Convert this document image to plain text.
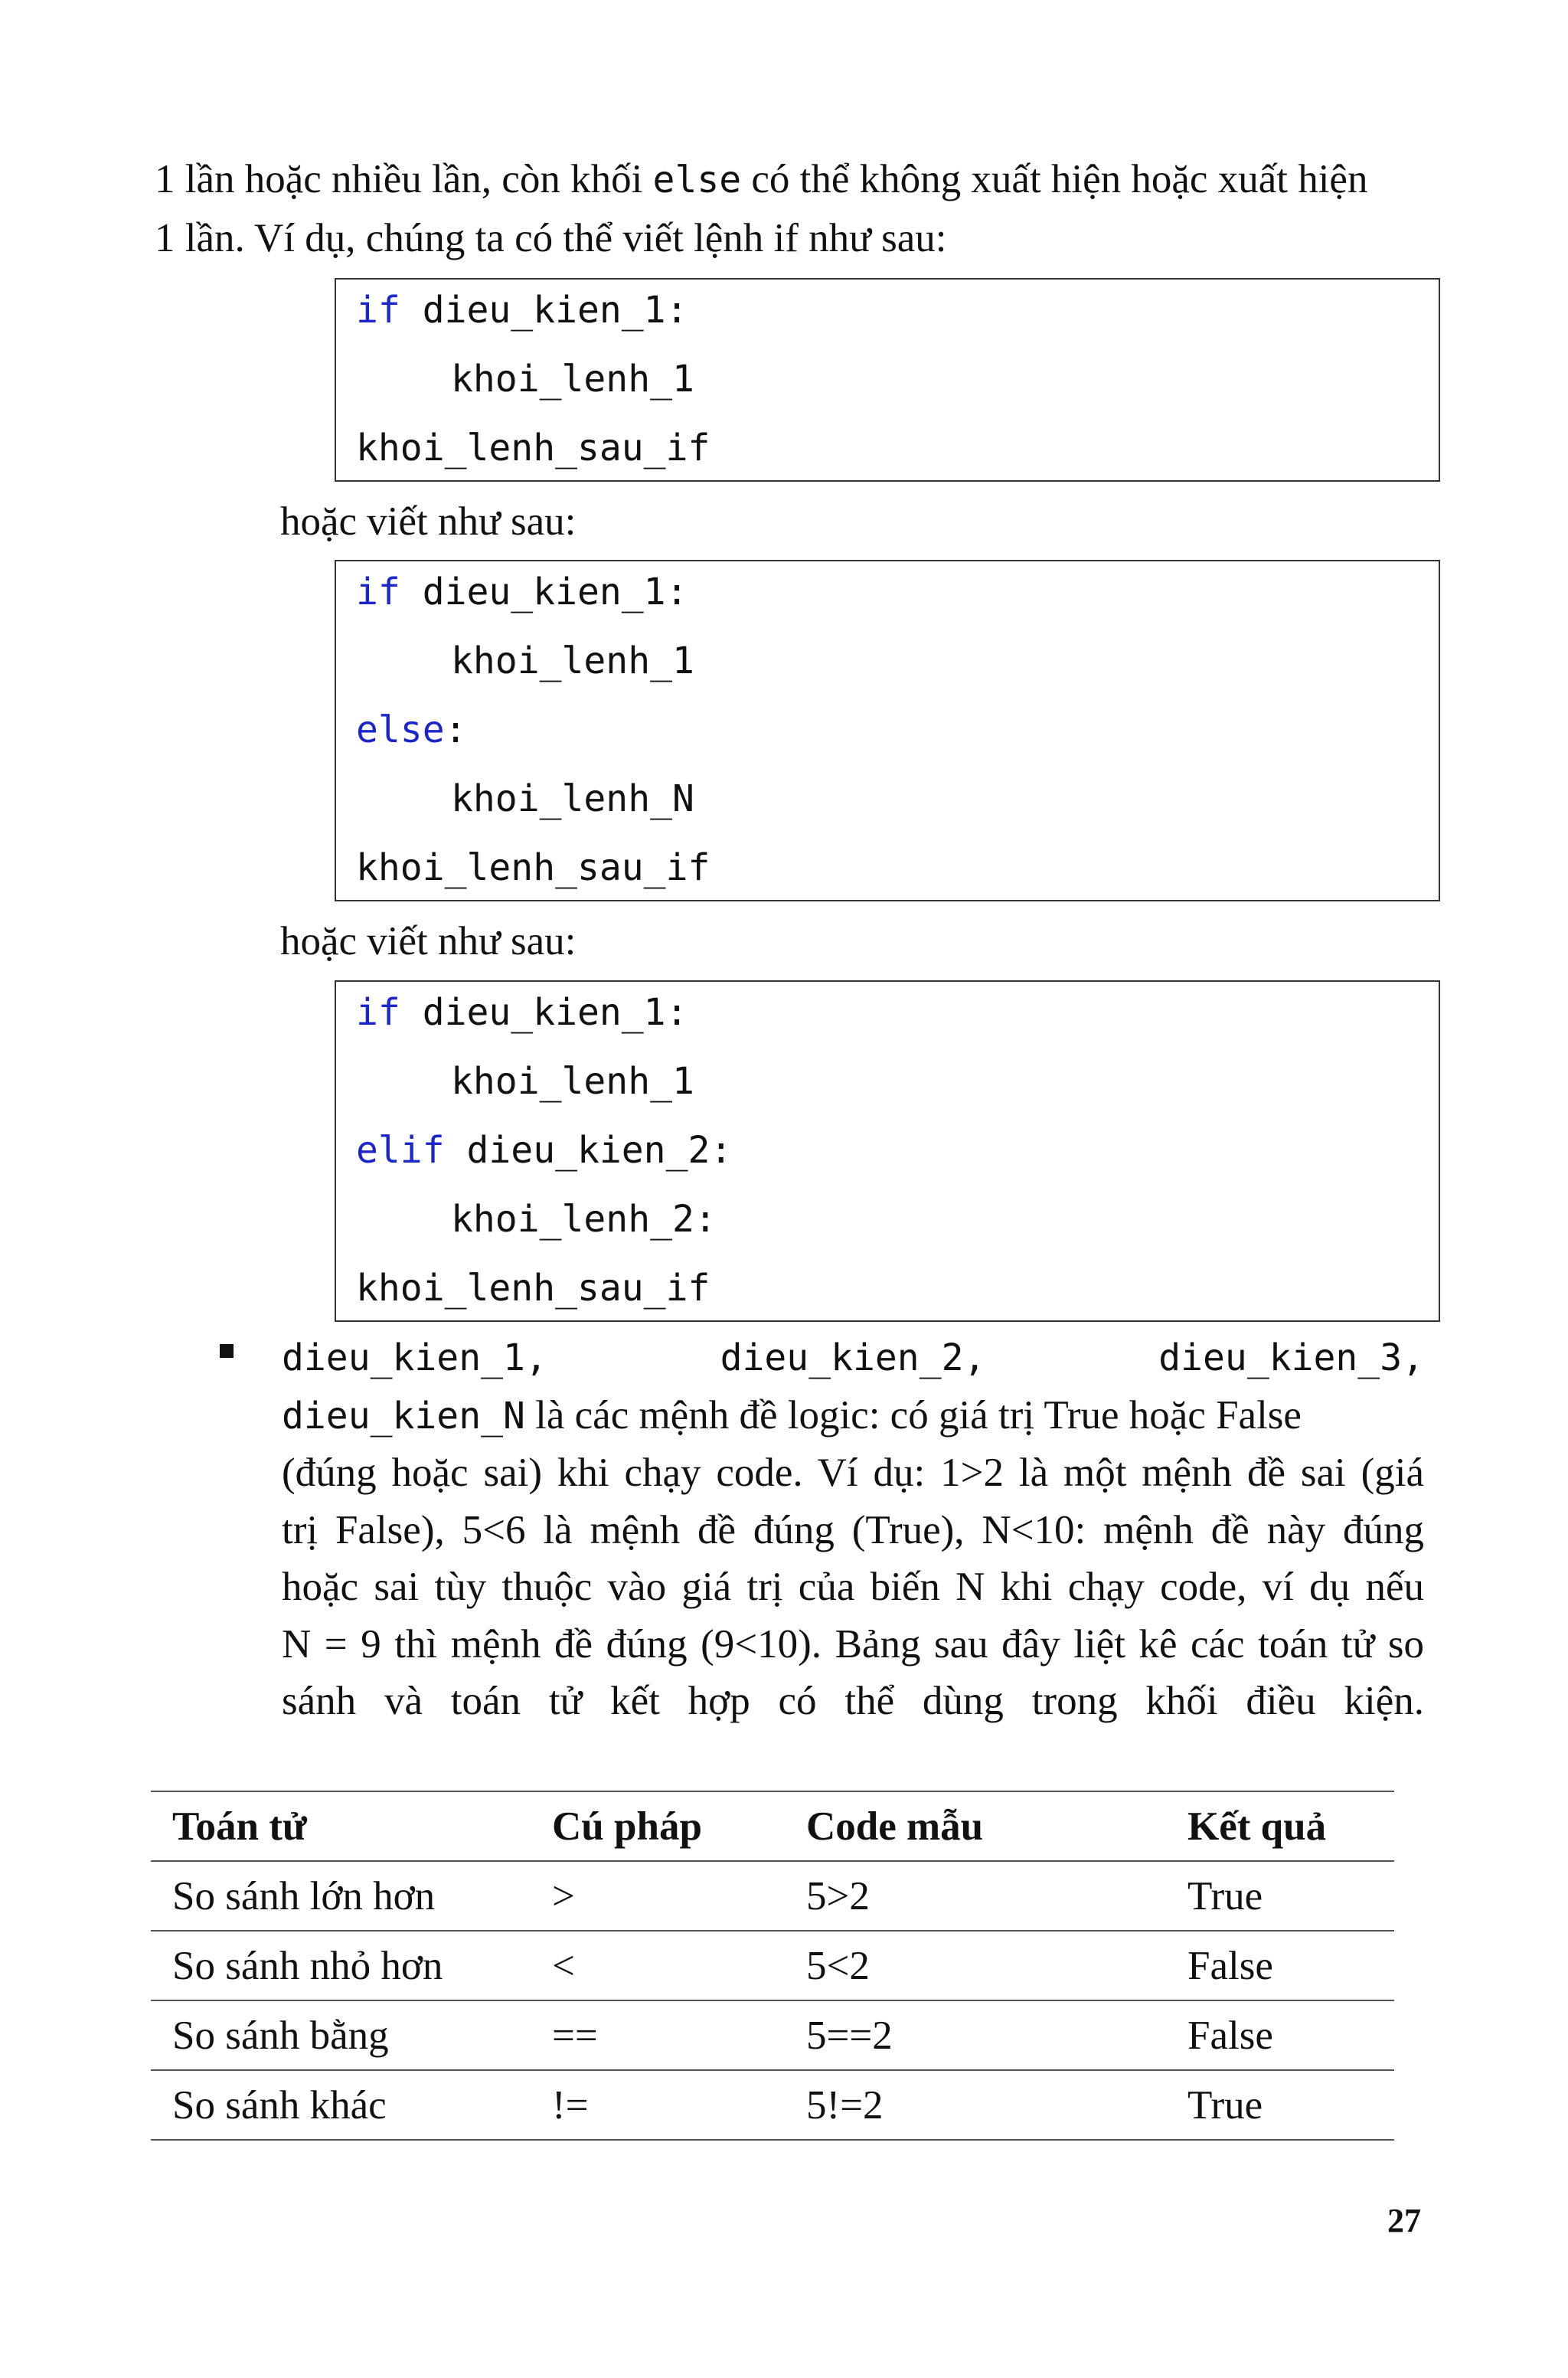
1 lần hoặc nhiều lần, còn khối else có thể không xuất hiện hoặc xuất hiện
1 lần. Ví dụ, chúng ta có thể viết lệnh if như sau:

if dieu_kien_1:
khoi_lenh_1
khoi_lenh_sau_if

hoặc viết như sau:

if dieu_kien_1:
khoi_lenh_1
else:
khoi_lenh_N
khoi_lenh_sau_if

hoặc viết như sau:

if dieu_kien_1:
khoi_lenh_1
elif dieu_kien_2:
khoi_lenh_2:
khoi_lenh_sau_if

dieu_kien_1,	dieu_kien_2,	dieu_kien_3,
dieu_kien_N là các mệnh đề logic: có giá trị True hoặc False
(đúng hoặc sai) khi chạy code. Ví dụ: 1>2 là một mệnh đề sai (giá
trị False), 5<6 là mệnh đề đúng (True), N<10: mệnh đề này đúng
hoặc sai tùy thuộc vào giá trị của biến N khi chạy code, ví dụ nếu
N = 9 thì mệnh đề đúng (9<10). Bảng sau đây liệt kê các toán tử so
sánh và toán tử kết hợp có thể dùng trong khối điều kiện.

Toán tử	Cú pháp	Code mẫu	Kết quả
So sánh lớn hơn	>	5>2	True
So sánh nhỏ hơn	<	5<2	False
So sánh bằng	==	5==2	False
So sánh khác	!=	5!=2	True
27
